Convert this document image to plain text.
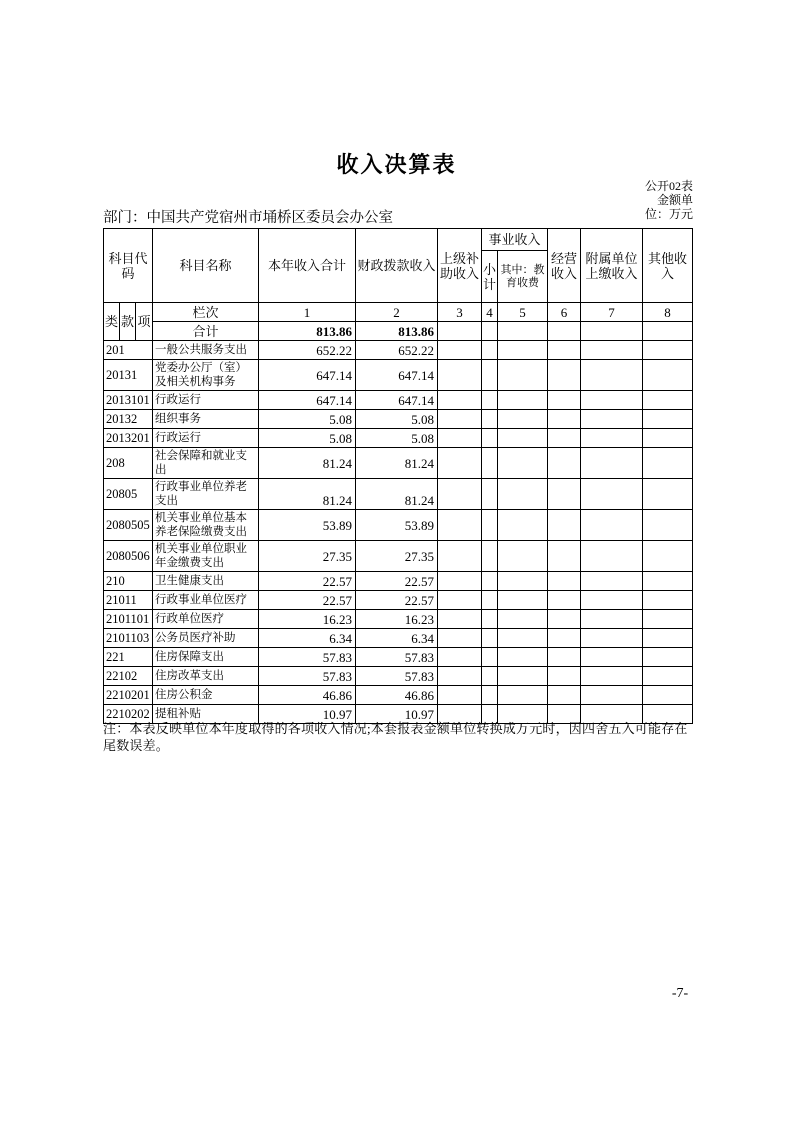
收入决算表
公开02表
金额单
位：万元
部门：中国共产党宿州市埇桥区委员会办公室
科目代码			科目名称	本年收入合计	财政拨款收入	上级补助收入	事业收入		经营收入	附属单位上缴收入	其他收入
							小计	其中：教育收费			
类	款	项	栏次	1	2	3	4	5	6	7	8
			合计	813.86	813.86						
201			一般公共服务支出	652.22	652.22						
20131			党委办公厅（室）及相关机构事务	647.14	647.14						
2013101			行政运行	647.14	647.14						
20132			组织事务	5.08	5.08						
2013201			行政运行	5.08	5.08						
208			社会保障和就业支出	81.24	81.24						
20805			行政事业单位养老支出	81.24	81.24						
2080505			机关事业单位基本养老保险缴费支出	53.89	53.89						
2080506			机关事业单位职业年金缴费支出	27.35	27.35						
210			卫生健康支出	22.57	22.57						
21011			行政事业单位医疗	22.57	22.57						
2101101			行政单位医疗	16.23	16.23						
2101103			公务员医疗补助	6.34	6.34						
221			住房保障支出	57.83	57.83						
22102			住房改革支出	57.83	57.83						
2210201			住房公积金	46.86	46.86						
2210202			提租补贴	10.97	10.97						
注：本表反映单位本年度取得的各项收入情况;本套报表金额单位转换成万元时，因四舍五入可能存在尾数误差。
-7-
